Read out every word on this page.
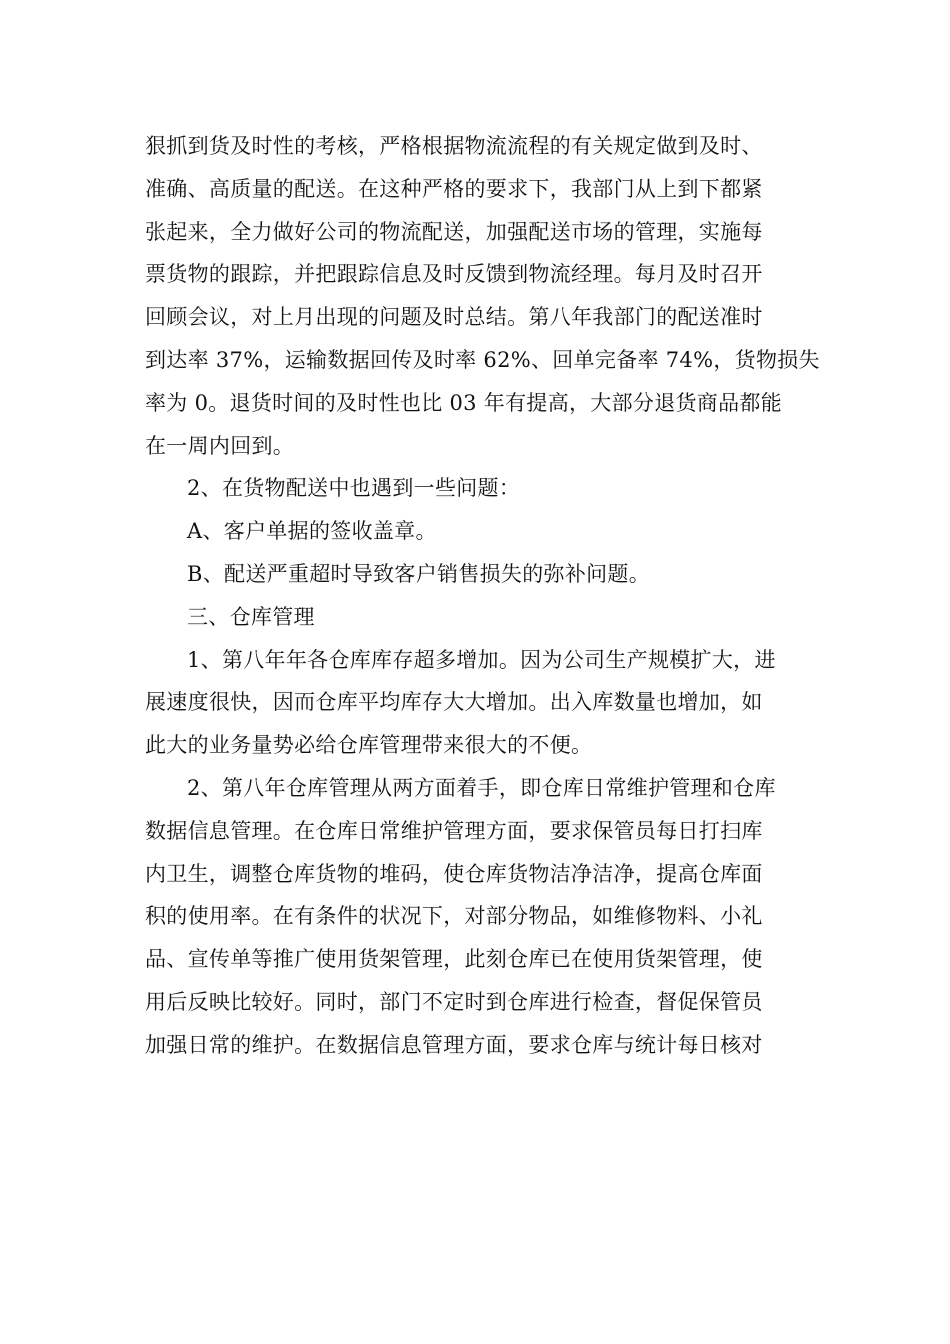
狠抓到货及时性的考核，严格根据物流流程的有关规定做到及时、
准确、高质量的配送。在这种严格的要求下，我部门从上到下都紧
张起来，全力做好公司的物流配送，加强配送市场的管理，实施每
票货物的跟踪，并把跟踪信息及时反馈到物流经理。每月及时召开
回顾会议，对上月出现的问题及时总结。第八年我部门的配送准时
到达率 37%，运输数据回传及时率 62%、回单完备率 74%，货物损失
率为 0。退货时间的及时性也比 03 年有提高，大部分退货商品都能
在一周内回到。
2、在货物配送中也遇到一些问题：
A、客户单据的签收盖章。
B、配送严重超时导致客户销售损失的弥补问题。
三、仓库管理
1、第八年年各仓库库存超多增加。因为公司生产规模扩大，进
展速度很快，因而仓库平均库存大大增加。出入库数量也增加，如
此大的业务量势必给仓库管理带来很大的不便。
2、第八年仓库管理从两方面着手，即仓库日常维护管理和仓库
数据信息管理。在仓库日常维护管理方面，要求保管员每日打扫库
内卫生，调整仓库货物的堆码，使仓库货物洁净洁净，提高仓库面
积的使用率。在有条件的状况下，对部分物品，如维修物料、小礼
品、宣传单等推广使用货架管理，此刻仓库已在使用货架管理，使
用后反映比较好。同时，部门不定时到仓库进行检查，督促保管员
加强日常的维护。在数据信息管理方面，要求仓库与统计每日核对
